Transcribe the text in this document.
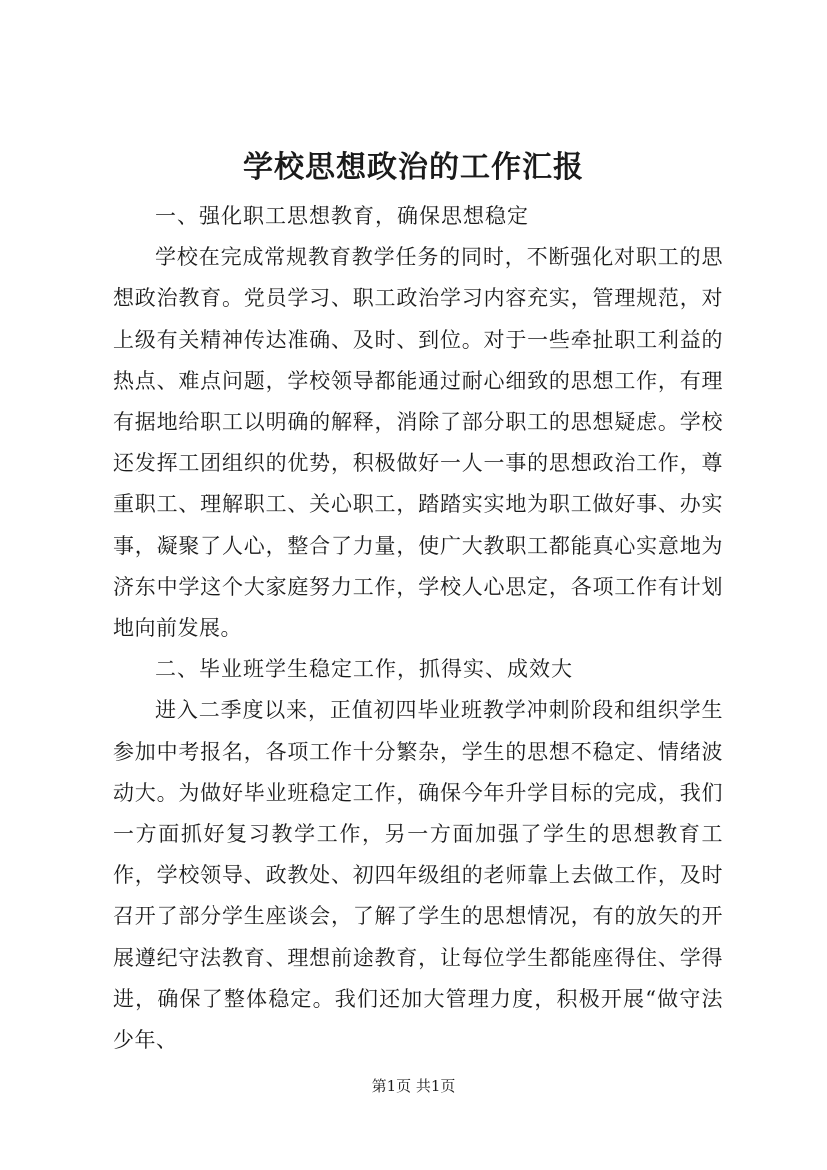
学校思想政治的工作汇报

一、强化职工思想教育，确保思想稳定

学校在完成常规教育教学任务的同时，不断强化对职工的思想政治教育。党员学习、职工政治学习内容充实，管理规范，对上级有关精神传达准确、及时、到位。对于一些牵扯职工利益的热点、难点问题，学校领导都能通过耐心细致的思想工作，有理有据地给职工以明确的解释，消除了部分职工的思想疑虑。学校还发挥工团组织的优势，积极做好一人一事的思想政治工作，尊重职工、理解职工、关心职工，踏踏实实地为职工做好事、办实事，凝聚了人心，整合了力量，使广大教职工都能真心实意地为济东中学这个大家庭努力工作，学校人心思定，各项工作有计划地向前发展。

二、毕业班学生稳定工作，抓得实、成效大

进入二季度以来，正值初四毕业班教学冲刺阶段和组织学生参加中考报名，各项工作十分繁杂，学生的思想不稳定、情绪波动大。为做好毕业班稳定工作，确保今年升学目标的完成，我们一方面抓好复习教学工作，另一方面加强了学生的思想教育工作，学校领导、政教处、初四年级组的老师靠上去做工作，及时召开了部分学生座谈会，了解了学生的思想情况，有的放矢的开展遵纪守法教育、理想前途教育，让每位学生都能座得住、学得进，确保了整体稳定。我们还加大管理力度，积极开展“做守法少年、

第1页 共1页
